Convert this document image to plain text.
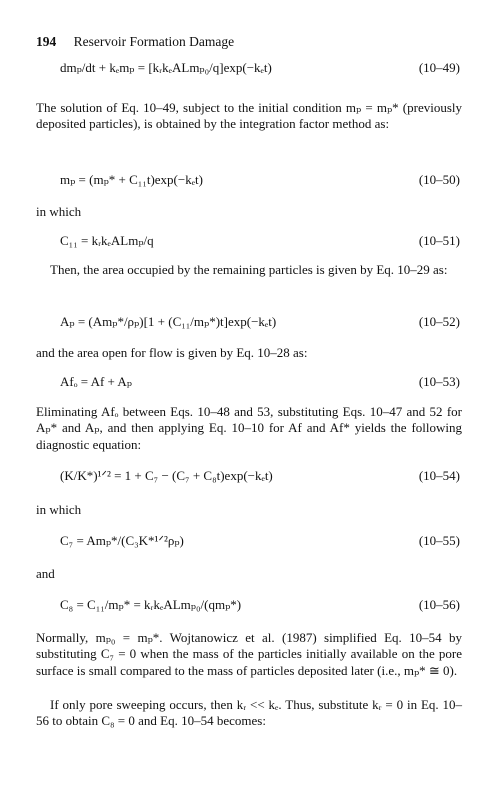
194 Reservoir Formation Damage
dmₚ/dt + kₑmₚ = [kᵣkₑALmₚ₀/q]exp(−kₑt)	(10–49)

The solution of Eq. 10–49, subject to the initial condition mₚ = mₚ* (previously deposited particles), is obtained by the integration factor method as:

mₚ = (mₚ* + C₁₁t)exp(−kₑt)	(10–50)

in which

C₁₁ = kᵣkₑALmₚ/q	(10–51)

Then, the area occupied by the remaining particles is given by Eq. 10–29 as:

Aₚ = (Amₚ*/ρₚ)[1 + (C₁₁/mₚ*)t]exp(−kₑt)	(10–52)

and the area open for flow is given by Eq. 10–28 as:

Afₒ = Af + Aₚ	(10–53)

Eliminating Afₒ between Eqs. 10–48 and 53, substituting Eqs. 10–47 and 52 for Aₚ* and Aₚ, and then applying Eq. 10–10 for Af and Af* yields the following diagnostic equation:

(K/K*)¹ᐟ² = 1 + C₇ − (C₇ + C₈t)exp(−kₑt)	(10–54)

in which

C₇ = Amₚ*/(C₃K*¹ᐟ²ρₚ)	(10–55)

and

C₈ = C₁₁/mₚ* = kᵣkₑALmₚ₀/(qmₚ*)	(10–56)

Normally, mₚ₀ = mₚ*. Wojtanowicz et al. (1987) simplified Eq. 10–54 by substituting C₇ = 0 when the mass of the particles initially available on the pore surface is small compared to the mass of particles deposited later (i.e., mₚ* ≅ 0).

If only pore sweeping occurs, then kᵣ << kₑ. Thus, substitute kᵣ = 0 in Eq. 10–56 to obtain C₈ = 0 and Eq. 10–54 becomes:
